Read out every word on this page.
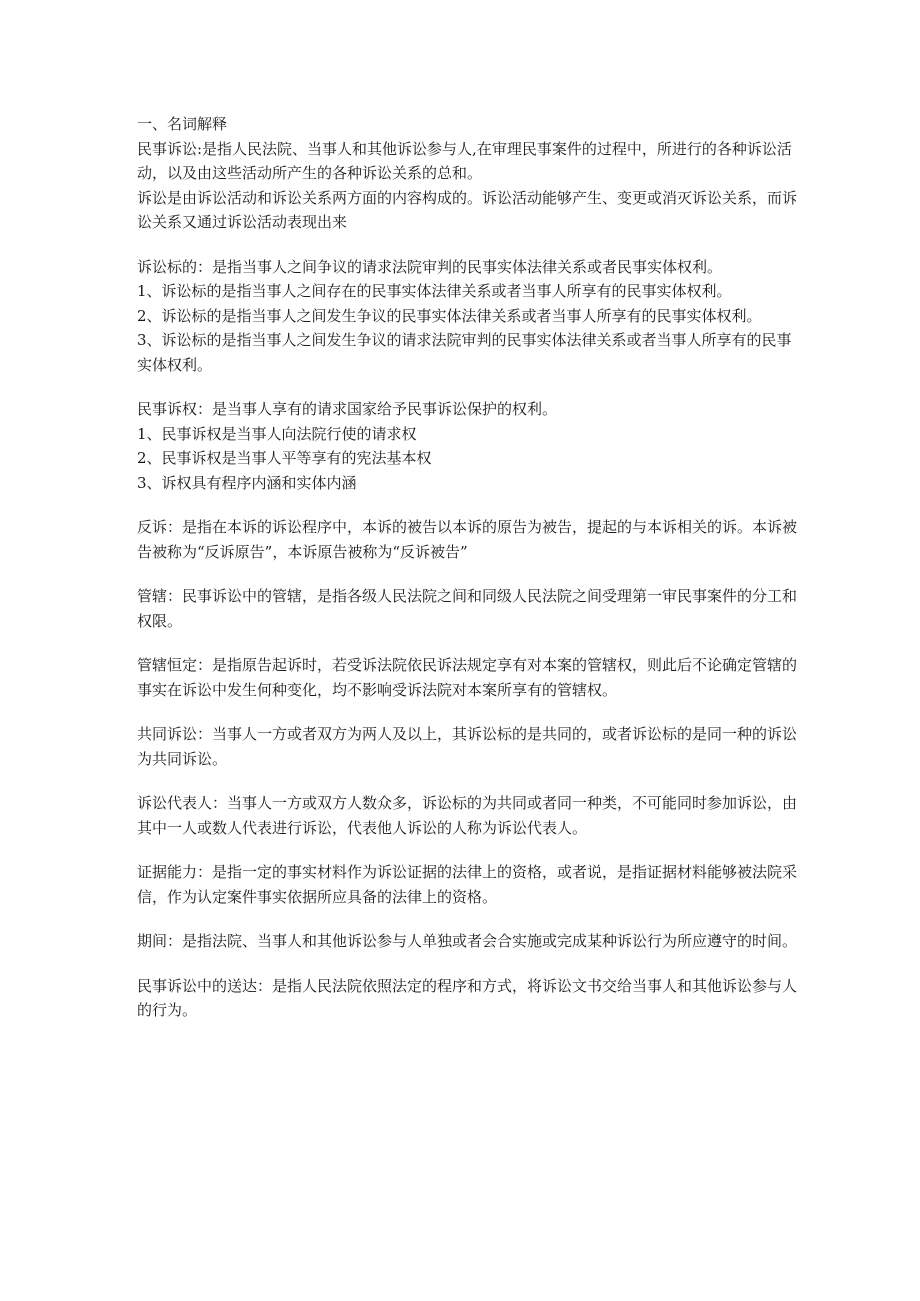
一、名词解释

民事诉讼:是指人民法院、当事人和其他诉讼参与人,在审理民事案件的过程中，所进行的各种诉讼活动，以及由这些活动所产生的各种诉讼关系的总和。

诉讼是由诉讼活动和诉讼关系两方面的内容构成的。诉讼活动能够产生、变更或消灭诉讼关系，而诉讼关系又通过诉讼活动表现出来

诉讼标的：是指当事人之间争议的请求法院审判的民事实体法律关系或者民事实体权利。

1、诉讼标的是指当事人之间存在的民事实体法律关系或者当事人所享有的民事实体权利。

2、诉讼标的是指当事人之间发生争议的民事实体法律关系或者当事人所享有的民事实体权利。

3、诉讼标的是指当事人之间发生争议的请求法院审判的民事实体法律关系或者当事人所享有的民事实体权利。

民事诉权：是当事人享有的请求国家给予民事诉讼保护的权利。

1、民事诉权是当事人向法院行使的请求权

2、民事诉权是当事人平等享有的宪法基本权

3、诉权具有程序内涵和实体内涵

反诉：是指在本诉的诉讼程序中，本诉的被告以本诉的原告为被告，提起的与本诉相关的诉。本诉被告被称为“反诉原告”，本诉原告被称为“反诉被告”

管辖：民事诉讼中的管辖，是指各级人民法院之间和同级人民法院之间受理第一审民事案件的分工和权限。

管辖恒定：是指原告起诉时，若受诉法院依民诉法规定享有对本案的管辖权，则此后不论确定管辖的事实在诉讼中发生何种变化，均不影响受诉法院对本案所享有的管辖权。

共同诉讼：当事人一方或者双方为两人及以上，其诉讼标的是共同的，或者诉讼标的是同一种的诉讼为共同诉讼。

诉讼代表人：当事人一方或双方人数众多，诉讼标的为共同或者同一种类，不可能同时参加诉讼，由其中一人或数人代表进行诉讼，代表他人诉讼的人称为诉讼代表人。

证据能力：是指一定的事实材料作为诉讼证据的法律上的资格，或者说，是指证据材料能够被法院采信，作为认定案件事实依据所应具备的法律上的资格。

期间：是指法院、当事人和其他诉讼参与人单独或者会合实施或完成某种诉讼行为所应遵守的时间。

民事诉讼中的送达：是指人民法院依照法定的程序和方式，将诉讼文书交给当事人和其他诉讼参与人的行为。
